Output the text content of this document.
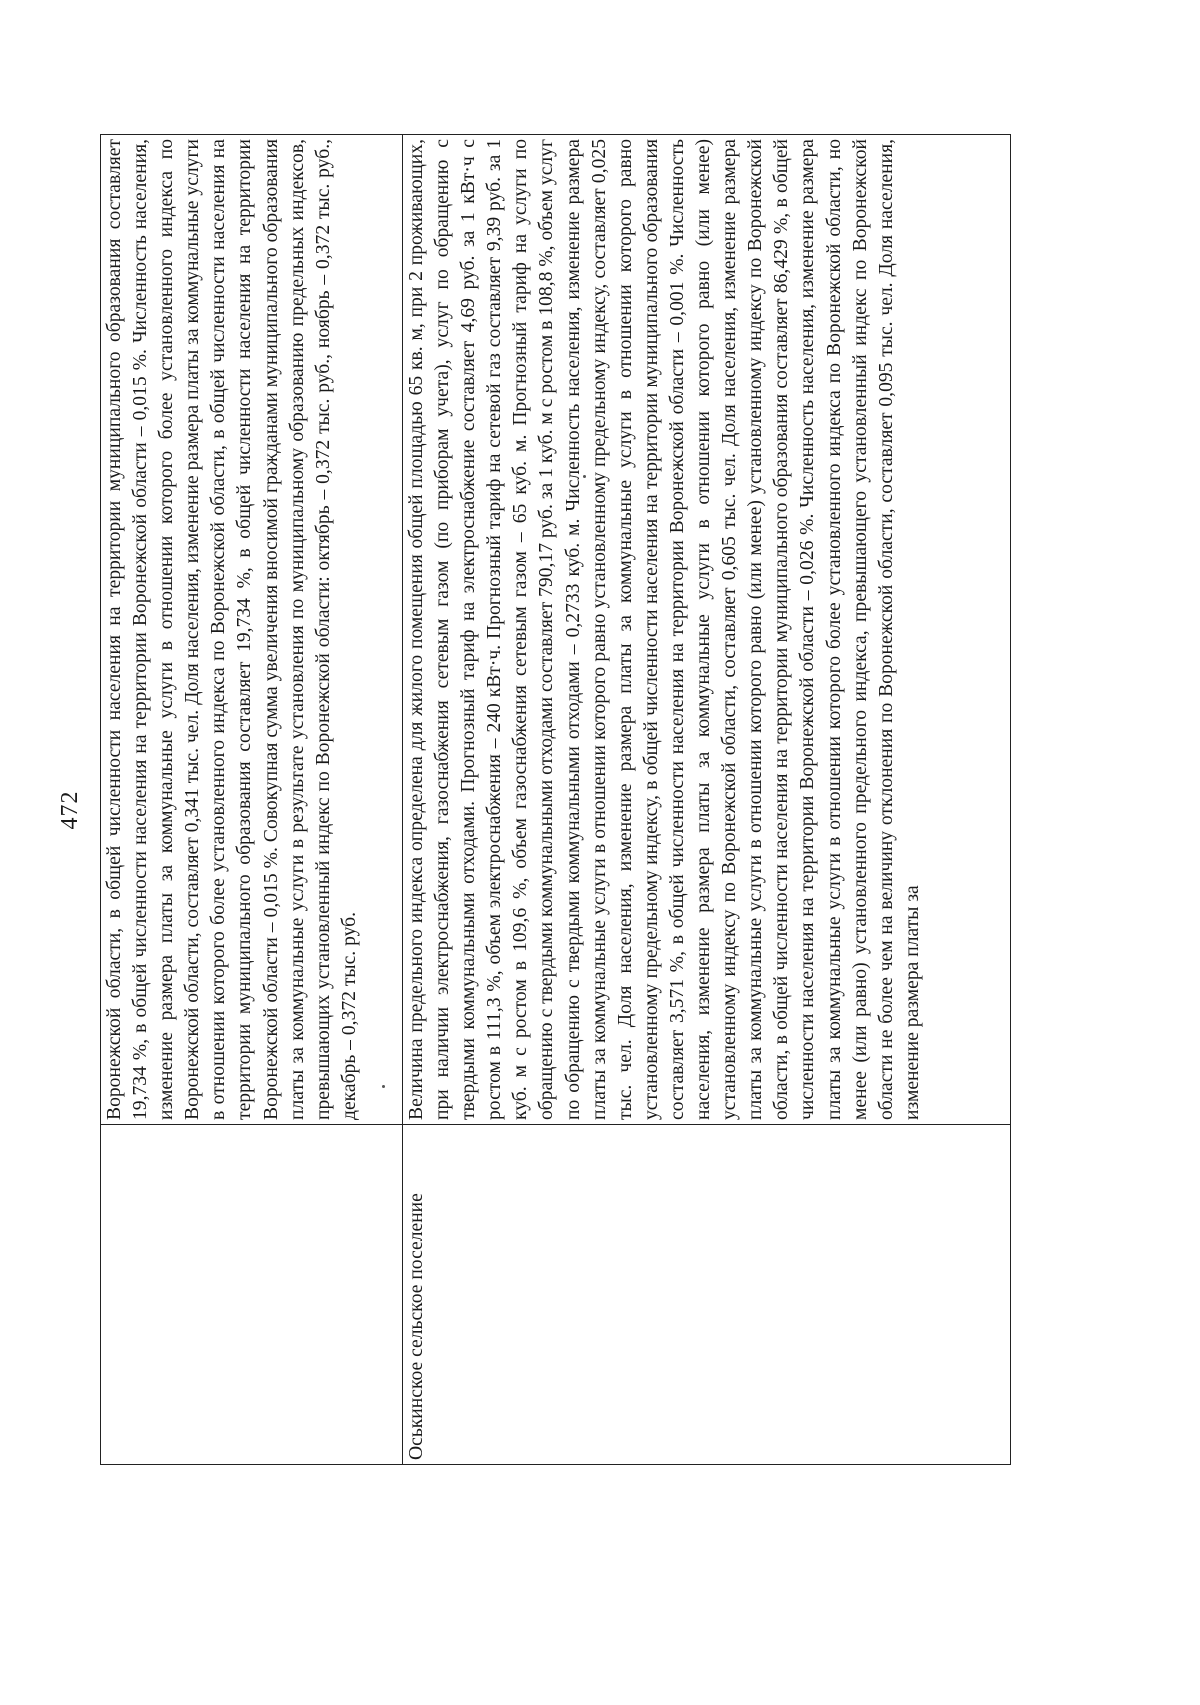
472

	Воронежской области, в общей численности населения на территории муниципального образования составляет 19,734 %, в общей численности населения на территории Воронежской области – 0,015 %. Численность населения, изменение размера платы за коммунальные услуги в отношении которого более установленного индекса по Воронежской области, составляет 0,341 тыс. чел. Доля населения, изменение размера платы за коммунальные услуги в отношении которого более установленного индекса по Воронежской области, в общей численности населения на территории муниципального образования составляет 19,734 %, в общей численности населения на территории Воронежской области – 0,015 %. Совокупная сумма увеличения вносимой гражданами муниципального образования платы за коммунальные услуги в результате установления по муниципальному образованию предельных индексов, превышающих установленный индекс по Воронежской области: октябрь – 0,372 тыс. руб., ноябрь – 0,372 тыс. руб., декабрь – 0,372 тыс. руб.

Оськинское сельское поселение	Величина предельного индекса определена для жилого помещения общей площадью 65 кв. м, при 2 проживающих, при наличии электроснабжения, газоснабжения сетевым газом (по приборам учета), услуг по обращению с твердыми коммунальными отходами. Прогнозный тариф на электроснабжение составляет 4,69 руб. за 1 кВт·ч с ростом в 111,3 %, объем электроснабжения – 240 кВт·ч. Прогнозный тариф на сетевой газ составляет 9,39 руб. за 1 куб. м с ростом в 109,6 %, объем газоснабжения сетевым газом – 65 куб. м. Прогнозный тариф на услуги по обращению с твердыми коммунальными отходами составляет 790,17 руб. за 1 куб. м с ростом в 108,8 %, объем услуг по обращению с твердыми коммунальными отходами – 0,2733 куб. м. Численность населения, изменение размера платы за коммунальные услуги в отношении которого равно установленному предельному индексу, составляет 0,025 тыс. чел. Доля населения, изменение размера платы за коммунальные услуги в отношении которого равно установленному предельному индексу, в общей численности населения на территории муниципального образования составляет 3,571 %, в общей численности населения на территории Воронежской области – 0,001 %. Численность населения, изменение размера платы за коммунальные услуги в отношении которого равно (или менее) установленному индексу по Воронежской области, составляет 0,605 тыс. чел. Доля населения, изменение размера платы за коммунальные услуги в отношении которого равно (или менее) установленному индексу по Воронежской области, в общей численности населения на территории муниципального образования составляет 86,429 %, в общей численности населения на территории Воронежской области – 0,026 %. Численность населения, изменение размера платы за коммунальные услуги в отношении которого более установленного индекса по Воронежской области, но менее (или равно) установленного предельного индекса, превышающего установленный индекс по Воронежской области не более чем на величину отклонения по Воронежской области, составляет 0,095 тыс. чел. Доля населения, изменение размера платы за
